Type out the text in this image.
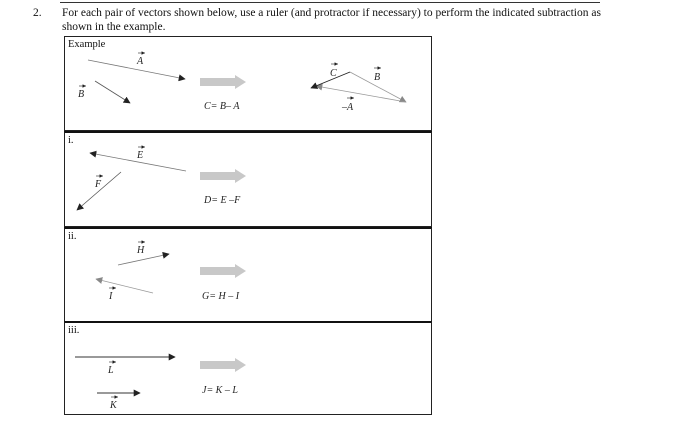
2. For each pair of vectors shown below, use a ruler (and protractor if necessary) to perform the indicated subtraction as shown in the example.
Example
i.
ii.
iii.
A
B
C= B– A
C	B
–A
E
F
D= E –F
H
I	G= H – I
L
K
J= K – L
